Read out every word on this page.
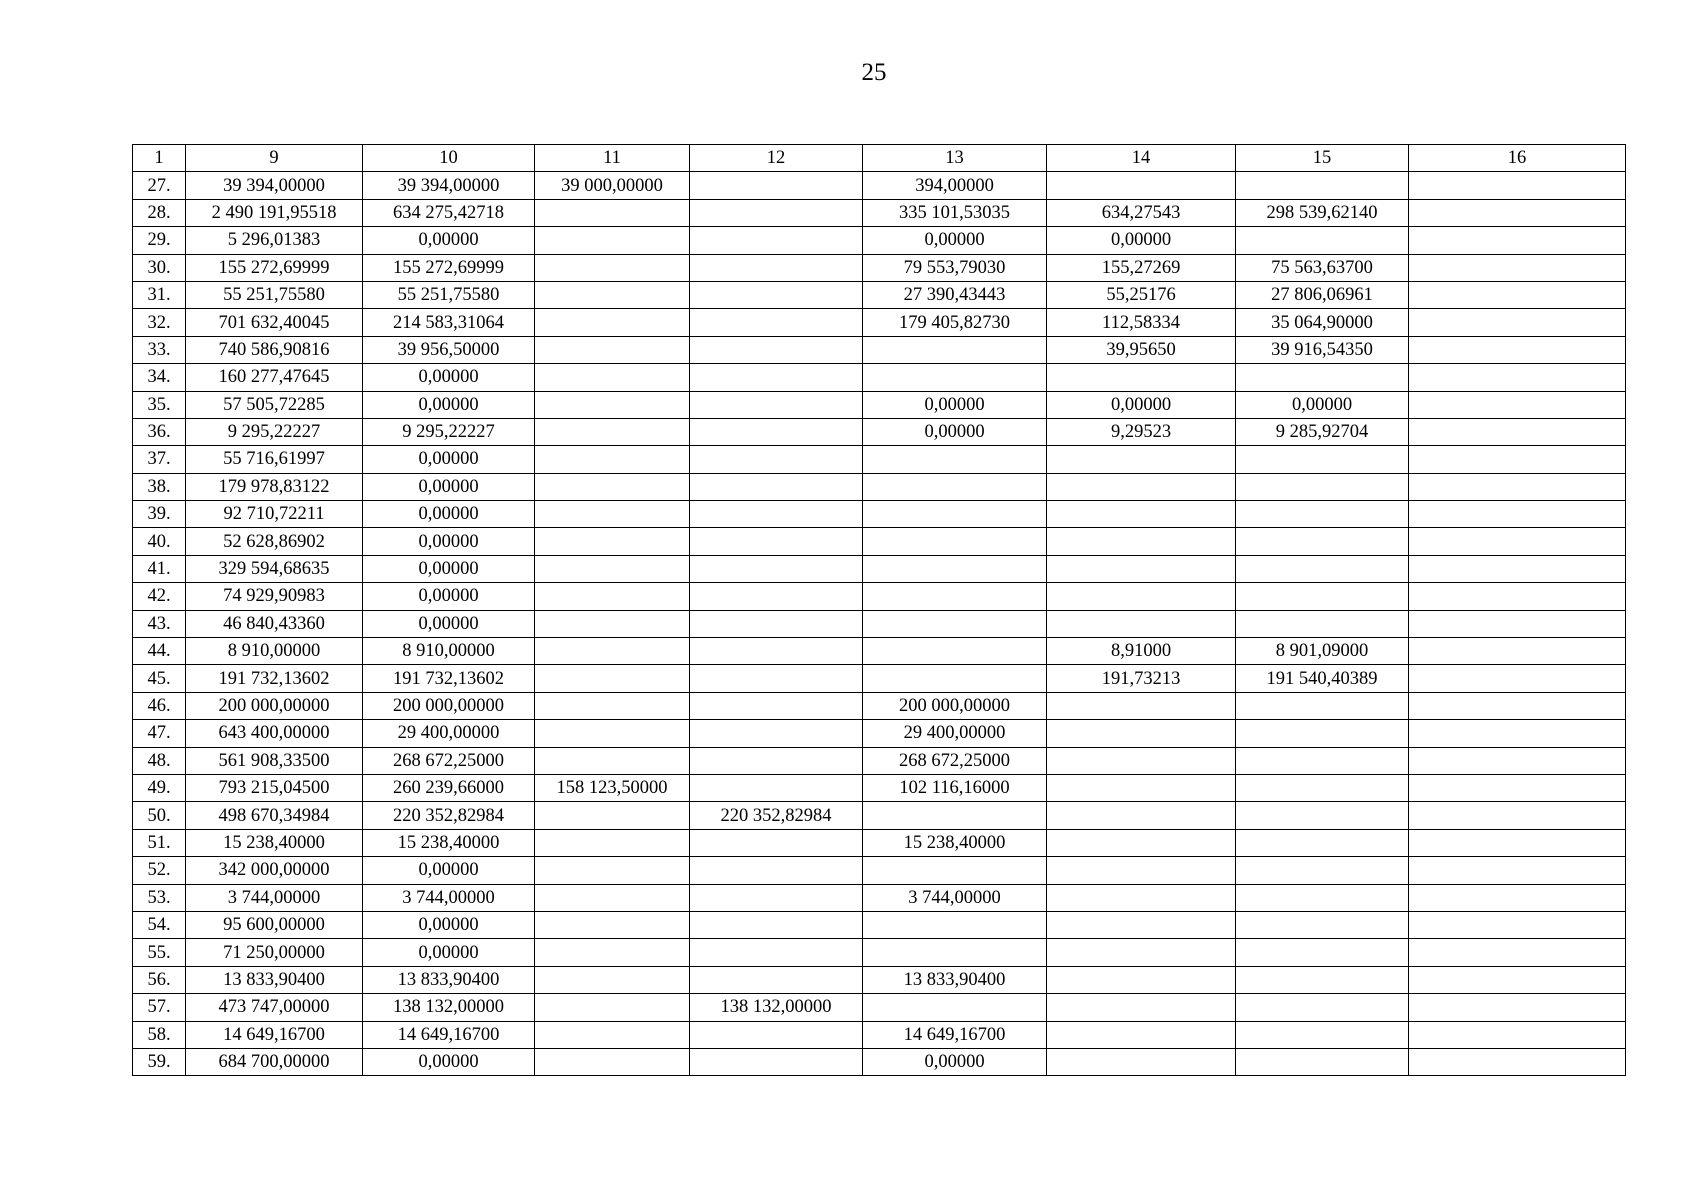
25
1	9	10	11	12	13	14	15	16
27.	39 394,00000	39 394,00000	39 000,00000		394,00000			
28.	2 490 191,95518	634 275,42718			335 101,53035	634,27543	298 539,62140	
29.	5 296,01383	0,00000			0,00000	0,00000		
30.	155 272,69999	155 272,69999			79 553,79030	155,27269	75 563,63700	
31.	55 251,75580	55 251,75580			27 390,43443	55,25176	27 806,06961	
32.	701 632,40045	214 583,31064			179 405,82730	112,58334	35 064,90000	
33.	740 586,90816	39 956,50000				39,95650	39 916,54350	
34.	160 277,47645	0,00000						
35.	57 505,72285	0,00000			0,00000	0,00000	0,00000	
36.	9 295,22227	9 295,22227			0,00000	9,29523	9 285,92704	
37.	55 716,61997	0,00000						
38.	179 978,83122	0,00000						
39.	92 710,72211	0,00000						
40.	52 628,86902	0,00000						
41.	329 594,68635	0,00000						
42.	74 929,90983	0,00000						
43.	46 840,43360	0,00000						
44.	8 910,00000	8 910,00000				8,91000	8 901,09000	
45.	191 732,13602	191 732,13602				191,73213	191 540,40389	
46.	200 000,00000	200 000,00000			200 000,00000			
47.	643 400,00000	29 400,00000			29 400,00000			
48.	561 908,33500	268 672,25000			268 672,25000			
49.	793 215,04500	260 239,66000	158 123,50000		102 116,16000			
50.	498 670,34984	220 352,82984		220 352,82984				
51.	15 238,40000	15 238,40000			15 238,40000			
52.	342 000,00000	0,00000						
53.	3 744,00000	3 744,00000			3 744,00000			
54.	95 600,00000	0,00000						
55.	71 250,00000	0,00000						
56.	13 833,90400	13 833,90400			13 833,90400			
57.	473 747,00000	138 132,00000		138 132,00000				
58.	14 649,16700	14 649,16700			14 649,16700			
59.	684 700,00000	0,00000			0,00000			
